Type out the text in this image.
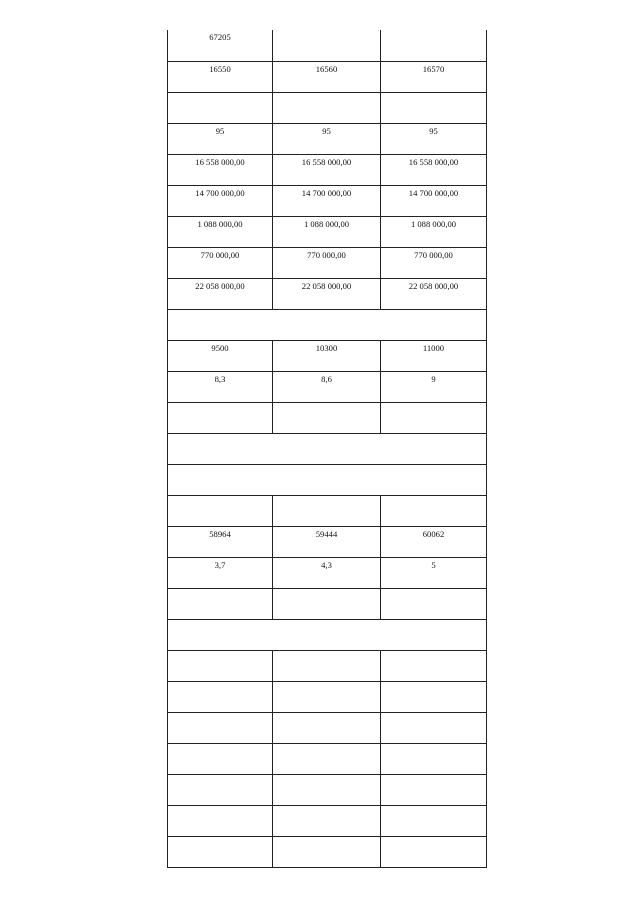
67205		
16550	16560	16570

95	95	95
16 558 000,00	16 558 000,00	16 558 000,00
14 700 000,00	14 700 000,00	14 700 000,00
1 088 000,00	1 088 000,00	1 088 000,00
770 000,00	770 000,00	770 000,00
22 058 000,00	22 058 000,00	22 058 000,00

9500	10300	11000
8,3	8,6	9

58964	59444	60062
3,7	4,3	5
